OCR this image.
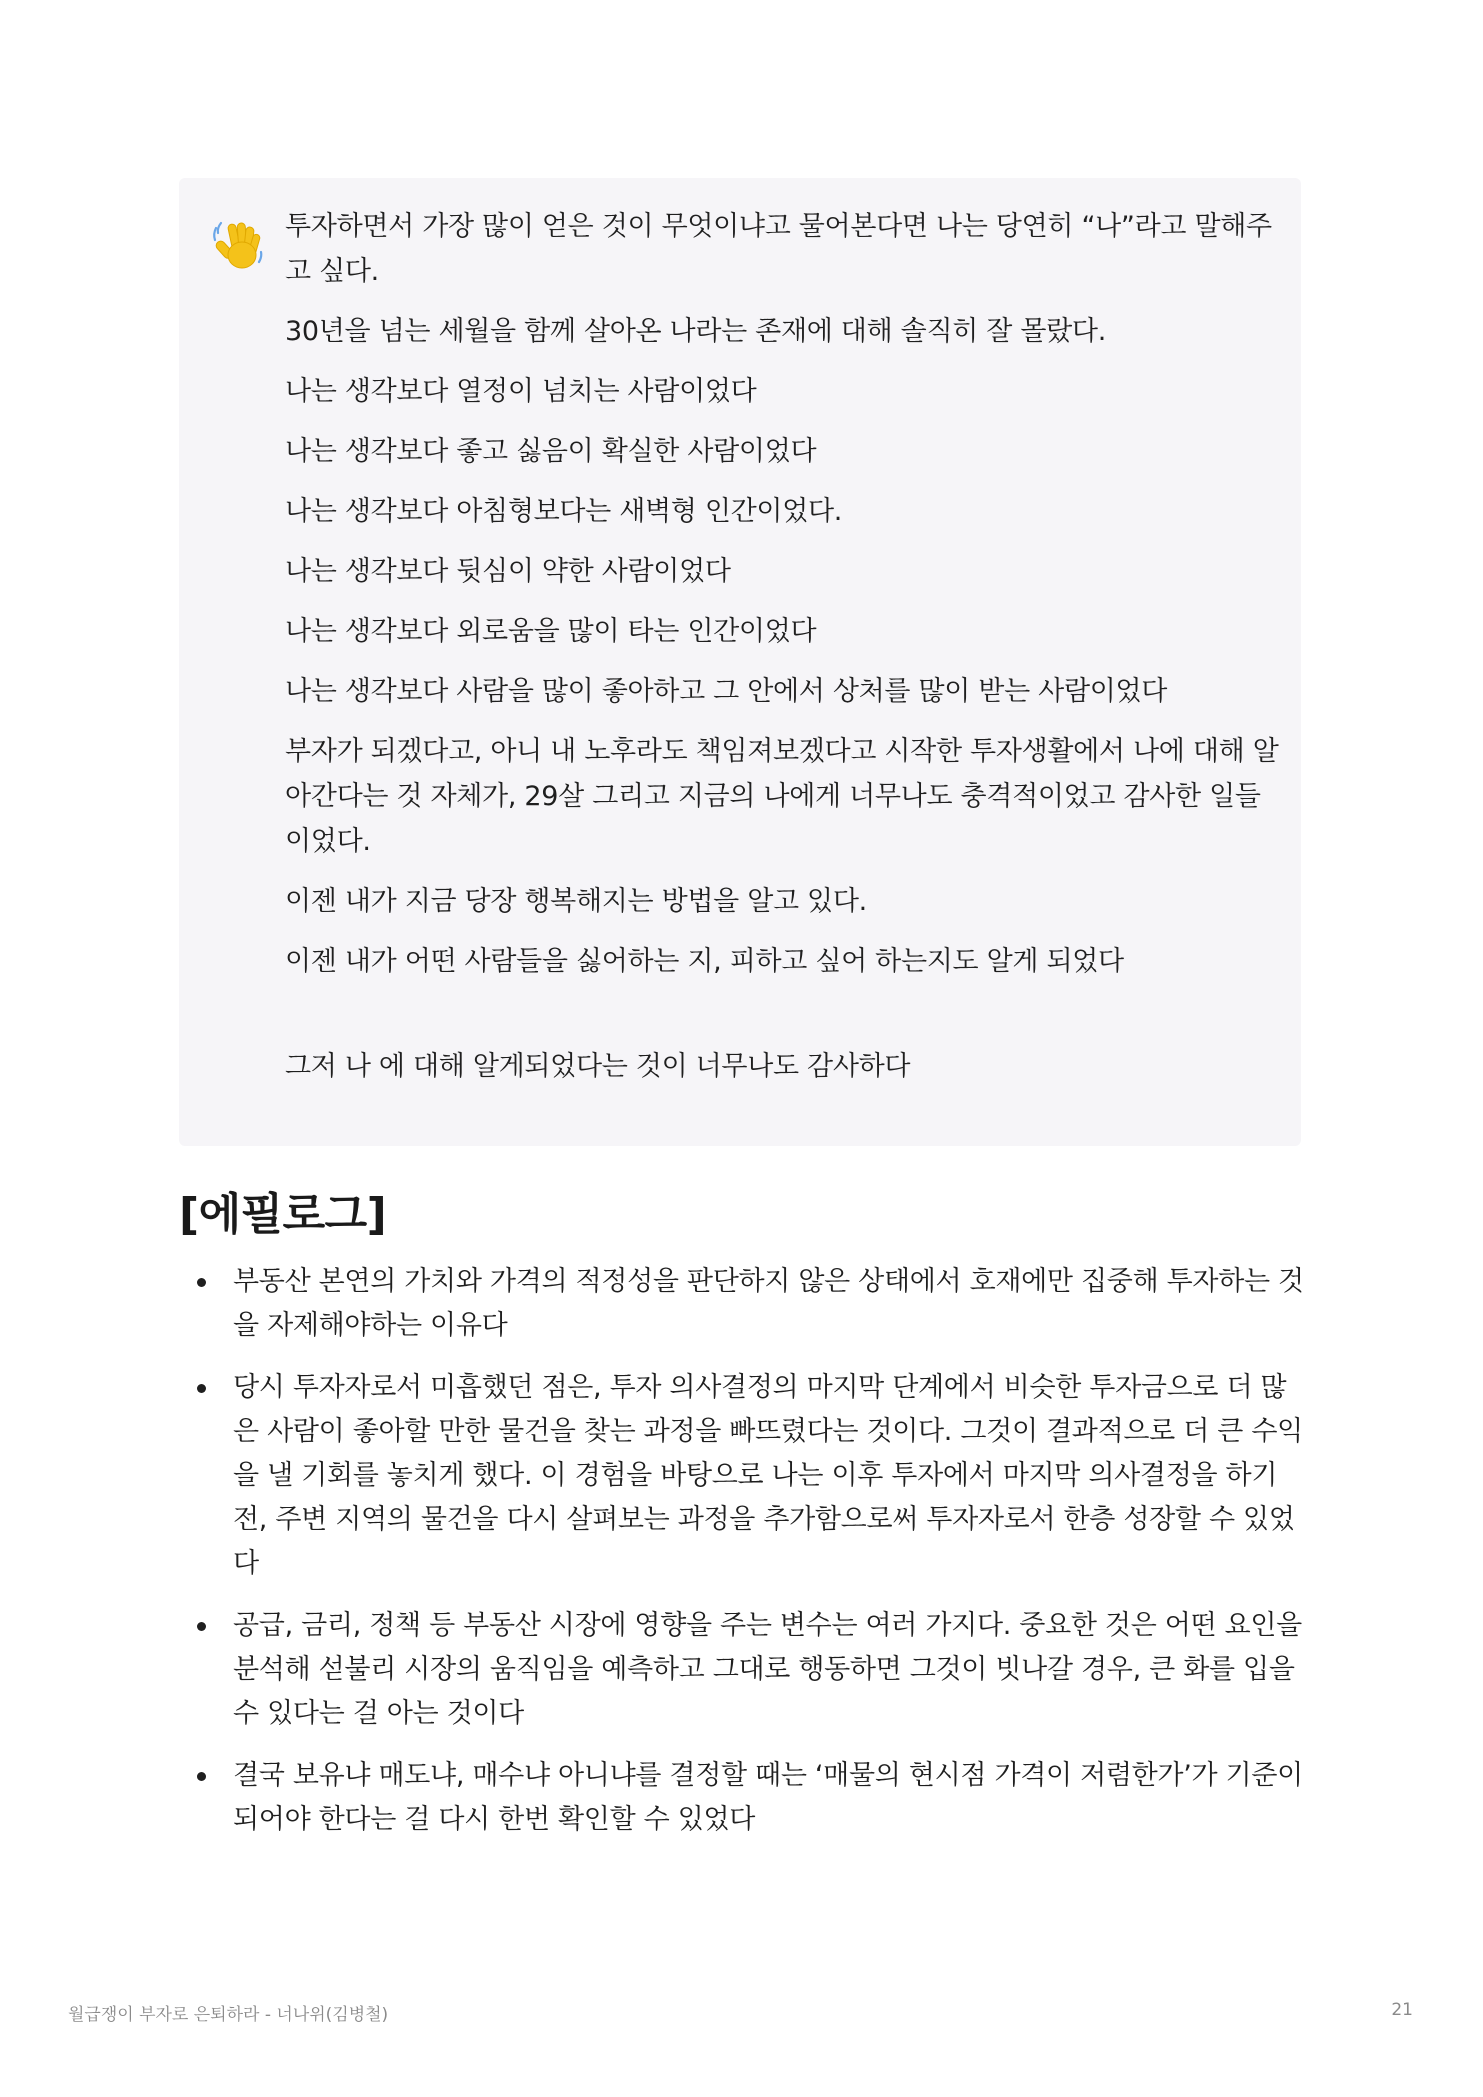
투자하면서 가장 많이 얻은 것이 무엇이냐고 물어본다면 나는 당연히 “나”라고 말해주고 싶다.

30년을 넘는 세월을 함께 살아온 나라는 존재에 대해 솔직히 잘 몰랐다.

나는 생각보다 열정이 넘치는 사람이었다

나는 생각보다 좋고 싫음이 확실한 사람이었다

나는 생각보다 아침형보다는 새벽형 인간이었다.

나는 생각보다 뒷심이 약한 사람이었다

나는 생각보다 외로움을 많이 타는 인간이었다

나는 생각보다 사람을 많이 좋아하고 그 안에서 상처를 많이 받는 사람이었다

부자가 되겠다고, 아니 내 노후라도 책임져보겠다고 시작한 투자생활에서 나에 대해 알아간다는 것 자체가, 29살 그리고 지금의 나에게 너무나도 충격적이었고 감사한 일들이었다.

이젠 내가 지금 당장 행복해지는 방법을 알고 있다.

이젠 내가 어떤 사람들을 싫어하는 지, 피하고 싶어 하는지도 알게 되었다

그저 나 에 대해 알게되었다는 것이 너무나도 감사하다

[에필로그]
부동산 본연의 가치와 가격의 적정성을 판단하지 않은 상태에서 호재에만 집중해 투자하는 것을 자제해야하는 이유다
당시 투자자로서 미흡했던 점은, 투자 의사결정의 마지막 단계에서 비슷한 투자금으로 더 많은 사람이 좋아할 만한 물건을 찾는 과정을 빠뜨렸다는 것이다. 그것이 결과적으로 더 큰 수익을 낼 기회를 놓치게 했다. 이 경험을 바탕으로 나는 이후 투자에서 마지막 의사결정을 하기 전, 주변 지역의 물건을 다시 살펴보는 과정을 추가함으로써 투자자로서 한층 성장할 수 있었다
공급, 금리, 정책 등 부동산 시장에 영향을 주는 변수는 여러 가지다. 중요한 것은 어떤 요인을 분석해 섣불리 시장의 움직임을 예측하고 그대로 행동하면 그것이 빗나갈 경우, 큰 화를 입을 수 있다는 걸 아는 것이다
결국 보유냐 매도냐, 매수냐 아니냐를 결정할 때는 ‘매물의 현시점 가격이 저렴한가’가 기준이 되어야 한다는 걸 다시 한번 확인할 수 있었다
월급쟁이 부자로 은퇴하라 - 너나위(김병철)	21
